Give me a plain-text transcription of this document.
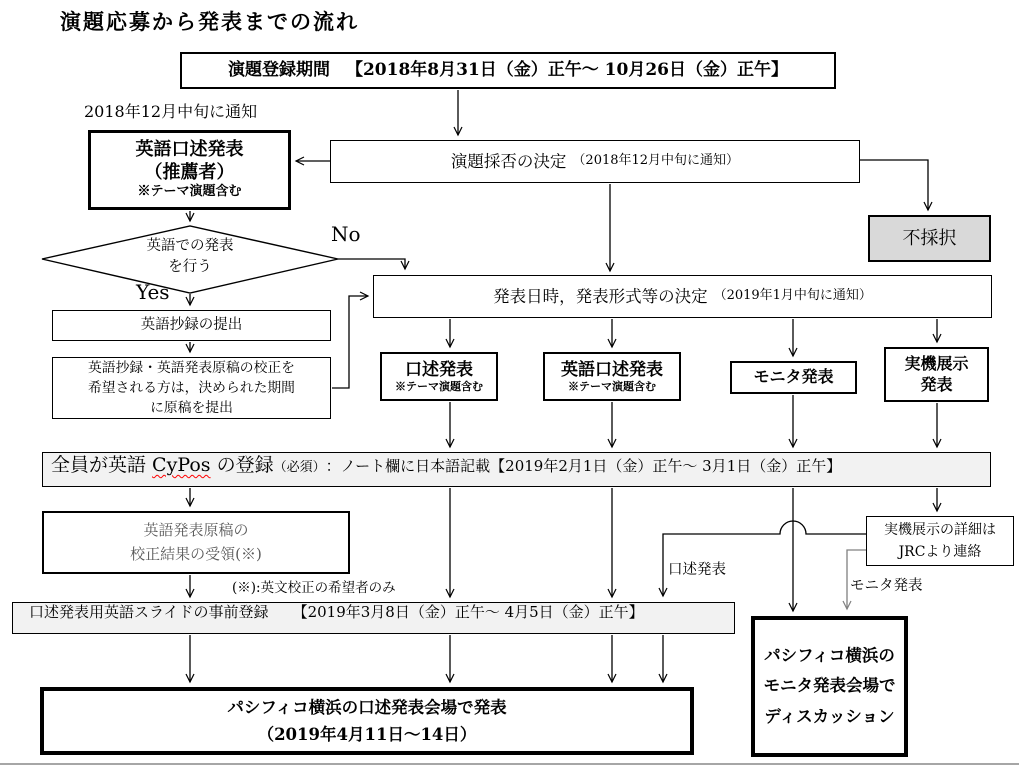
演題応募から発表までの流れ
演題登録期間 【2018年8月31日（金）正午～ 10月26日（金）正午】
2018年12月中旬に通知
英語口述発表
（推薦者）
※テーマ演題含む
演題採否の決定 （2018年12月中旬に通知）
不採択
英語での発表
を行う
No
Yes
英語抄録の提出
英語抄録・英語発表原稿の校正を
希望される方は，決められた期間
に原稿を提出
発表日時，発表形式等の決定 （2019年1月中旬に通知）
口述発表
※テーマ演題含む
英語口述発表
※テーマ演題含む
モニタ発表
実機展示
発表
全員が英語 CyPos の登録 （必須） ：ノート欄に日本語記載【2019年2月1日（金）正午～ 3月1日（金）正午】
英語発表原稿の
校正結果の受領(※)
(※):英文校正の希望者のみ
口述発表用英語スライドの事前登録 【2019年3月8日（金）正午～ 4月5日（金）正午】
実機展示の詳細は
JRCより連絡
口述発表
モニタ発表
パシフィコ横浜の口述発表会場で発表
（2019年4月11日～14日）
パシフィコ横浜の
モニタ発表会場で
ディスカッション
